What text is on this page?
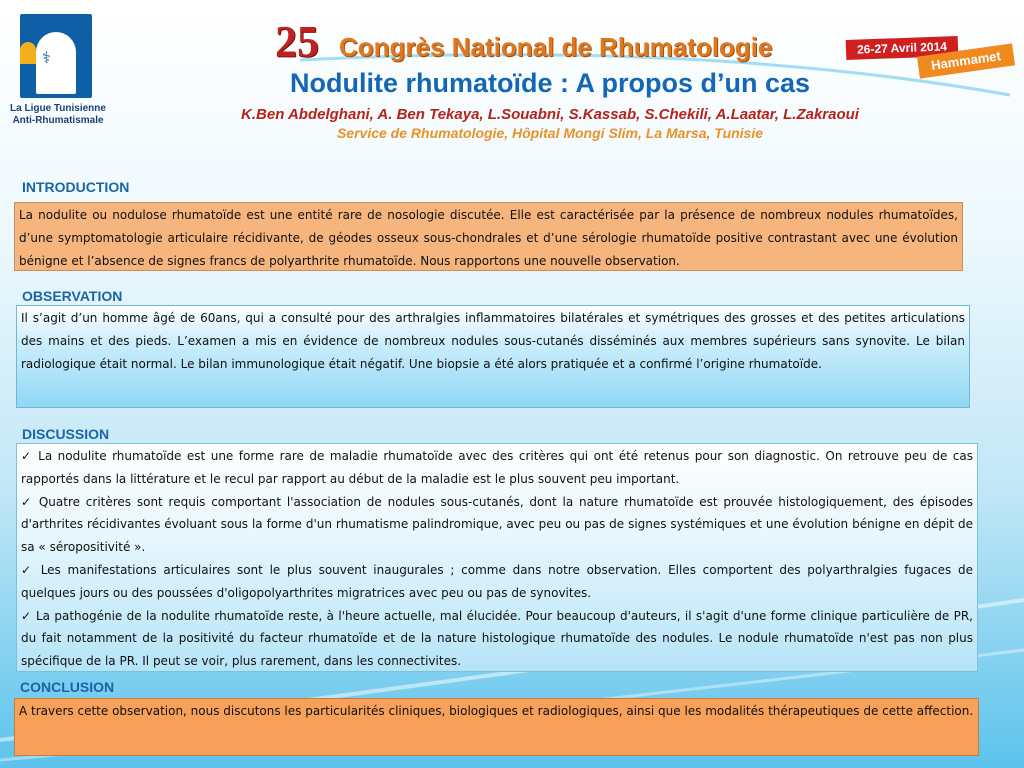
⚕
La Ligue Tunisienne Anti-Rhumatismale
25 Congrès National de Rhumatologie	26-27 Avril 2014
Hammamet
Nodulite rhumatoïde : A propos d’un cas
K.Ben Abdelghani, A. Ben Tekaya, L.Souabni, S.Kassab, S.Chekili, A.Laatar, L.Zakraoui
Service de Rhumatologie, Hôpital Mongi Slim, La Marsa, Tunisie
INTRODUCTION

La nodulite ou nodulose rhumatoïde est une entité rare de nosologie discutée. Elle est caractérisée par la présence de nombreux nodules rhumatoïdes, d’une symptomatologie articulaire récidivante, de géodes osseux sous-chondrales et d’une sérologie rhumatoïde positive contrastant avec une évolution bénigne et l’absence de signes francs de polyarthrite rhumatoïde. Nous rapportons une nouvelle observation.

OBSERVATION

Il s’agit d’un homme âgé de 60ans, qui a consulté pour des arthralgies inflammatoires bilatérales et symétriques des grosses et des petites articulations des mains et des pieds. L’examen a mis en évidence de nombreux nodules sous-cutanés disséminés aux membres supérieurs sans synovite. Le bilan radiologique était normal. Le bilan immunologique était négatif. Une biopsie a été alors pratiquée et a confirmé l’origine rhumatoïde.

DISCUSSION

✓ La nodulite rhumatoïde est une forme rare de maladie rhumatoïde avec des critères qui ont été retenus pour son diagnostic. On retrouve peu de cas rapportés dans la littérature et le recul par rapport au début de la maladie est le plus souvent peu important.

✓ Quatre critères sont requis comportant l'association de nodules sous-cutanés, dont la nature rhumatoïde est prouvée histologiquement, des épisodes d'arthrites récidivantes évoluant sous la forme d'un rhumatisme palindromique, avec peu ou pas de signes systémiques et une évolution bénigne en dépit de sa « séropositivité ».

✓ Les manifestations articulaires sont le plus souvent inaugurales ; comme dans notre observation. Elles comportent des polyarthralgies fugaces de quelques jours ou des poussées d'oligopolyarthrites migratrices avec peu ou pas de synovites.

✓ La pathogénie de la nodulite rhumatoïde reste, à l'heure actuelle, mal élucidée. Pour beaucoup d'auteurs, il s'agit d'une forme clinique particulière de PR, du fait notamment de la positivité du facteur rhumatoïde et de la nature histologique rhumatoïde des nodules. Le nodule rhumatoïde n'est pas non plus spécifique de la PR. Il peut se voir, plus rarement, dans les connectivites.

CONCLUSION

A travers cette observation, nous discutons les particularités cliniques, biologiques et radiologiques, ainsi que les modalités thérapeutiques de cette affection.
